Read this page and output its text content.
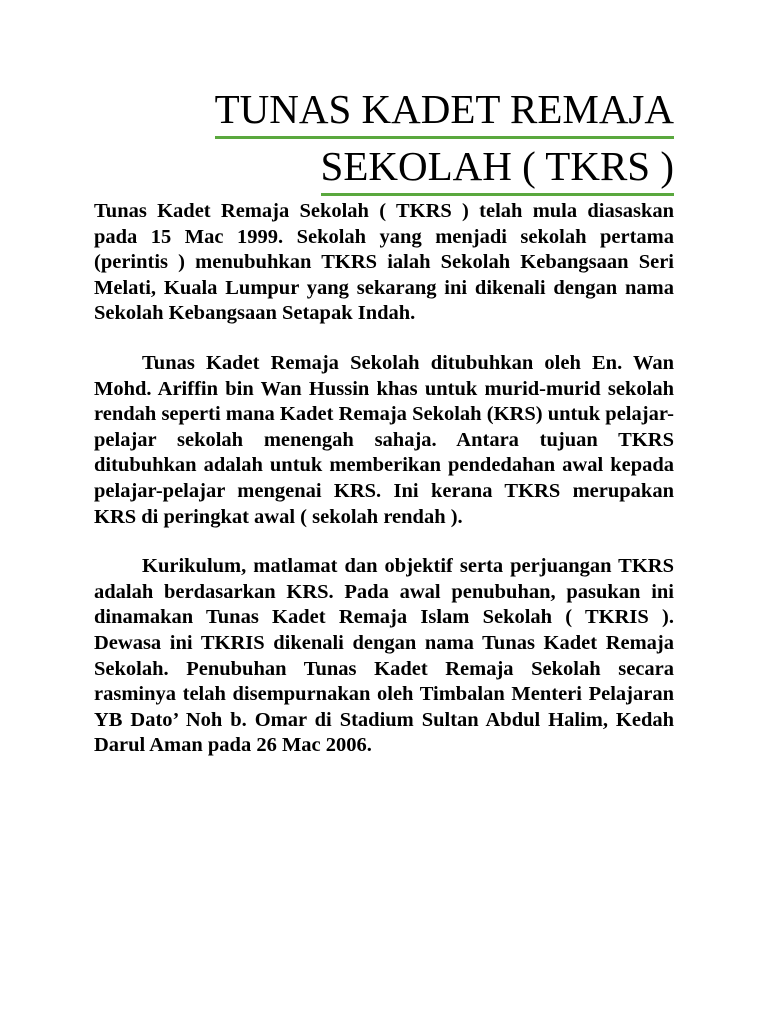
TUNAS KADET REMAJA
SEKOLAH ( TKRS )

Tunas Kadet Remaja Sekolah ( TKRS ) telah mula diasaskan pada 15 Mac 1999. Sekolah yang menjadi sekolah pertama (perintis ) menubuhkan TKRS ialah Sekolah Kebangsaan Seri Melati, Kuala Lumpur yang sekarang ini dikenali dengan nama Sekolah Kebangsaan Setapak Indah.

Tunas Kadet Remaja Sekolah ditubuhkan oleh En. Wan Mohd. Ariffin bin Wan Hussin khas untuk murid-murid sekolah rendah seperti mana Kadet Remaja Sekolah (KRS) untuk pelajar-pelajar sekolah menengah sahaja. Antara tujuan TKRS ditubuhkan adalah untuk memberikan pendedahan awal kepada pelajar-pelajar mengenai KRS. Ini kerana TKRS merupakan KRS di peringkat awal ( sekolah rendah ).

Kurikulum, matlamat dan objektif serta perjuangan TKRS adalah berdasarkan KRS. Pada awal penubuhan, pasukan ini dinamakan Tunas Kadet Remaja Islam Sekolah ( TKRIS ). Dewasa ini TKRIS dikenali dengan nama Tunas Kadet Remaja Sekolah. Penubuhan Tunas Kadet Remaja Sekolah secara rasminya telah disempurnakan oleh Timbalan Menteri Pelajaran YB Dato’ Noh b. Omar di Stadium Sultan Abdul Halim, Kedah Darul Aman pada 26 Mac 2006.
